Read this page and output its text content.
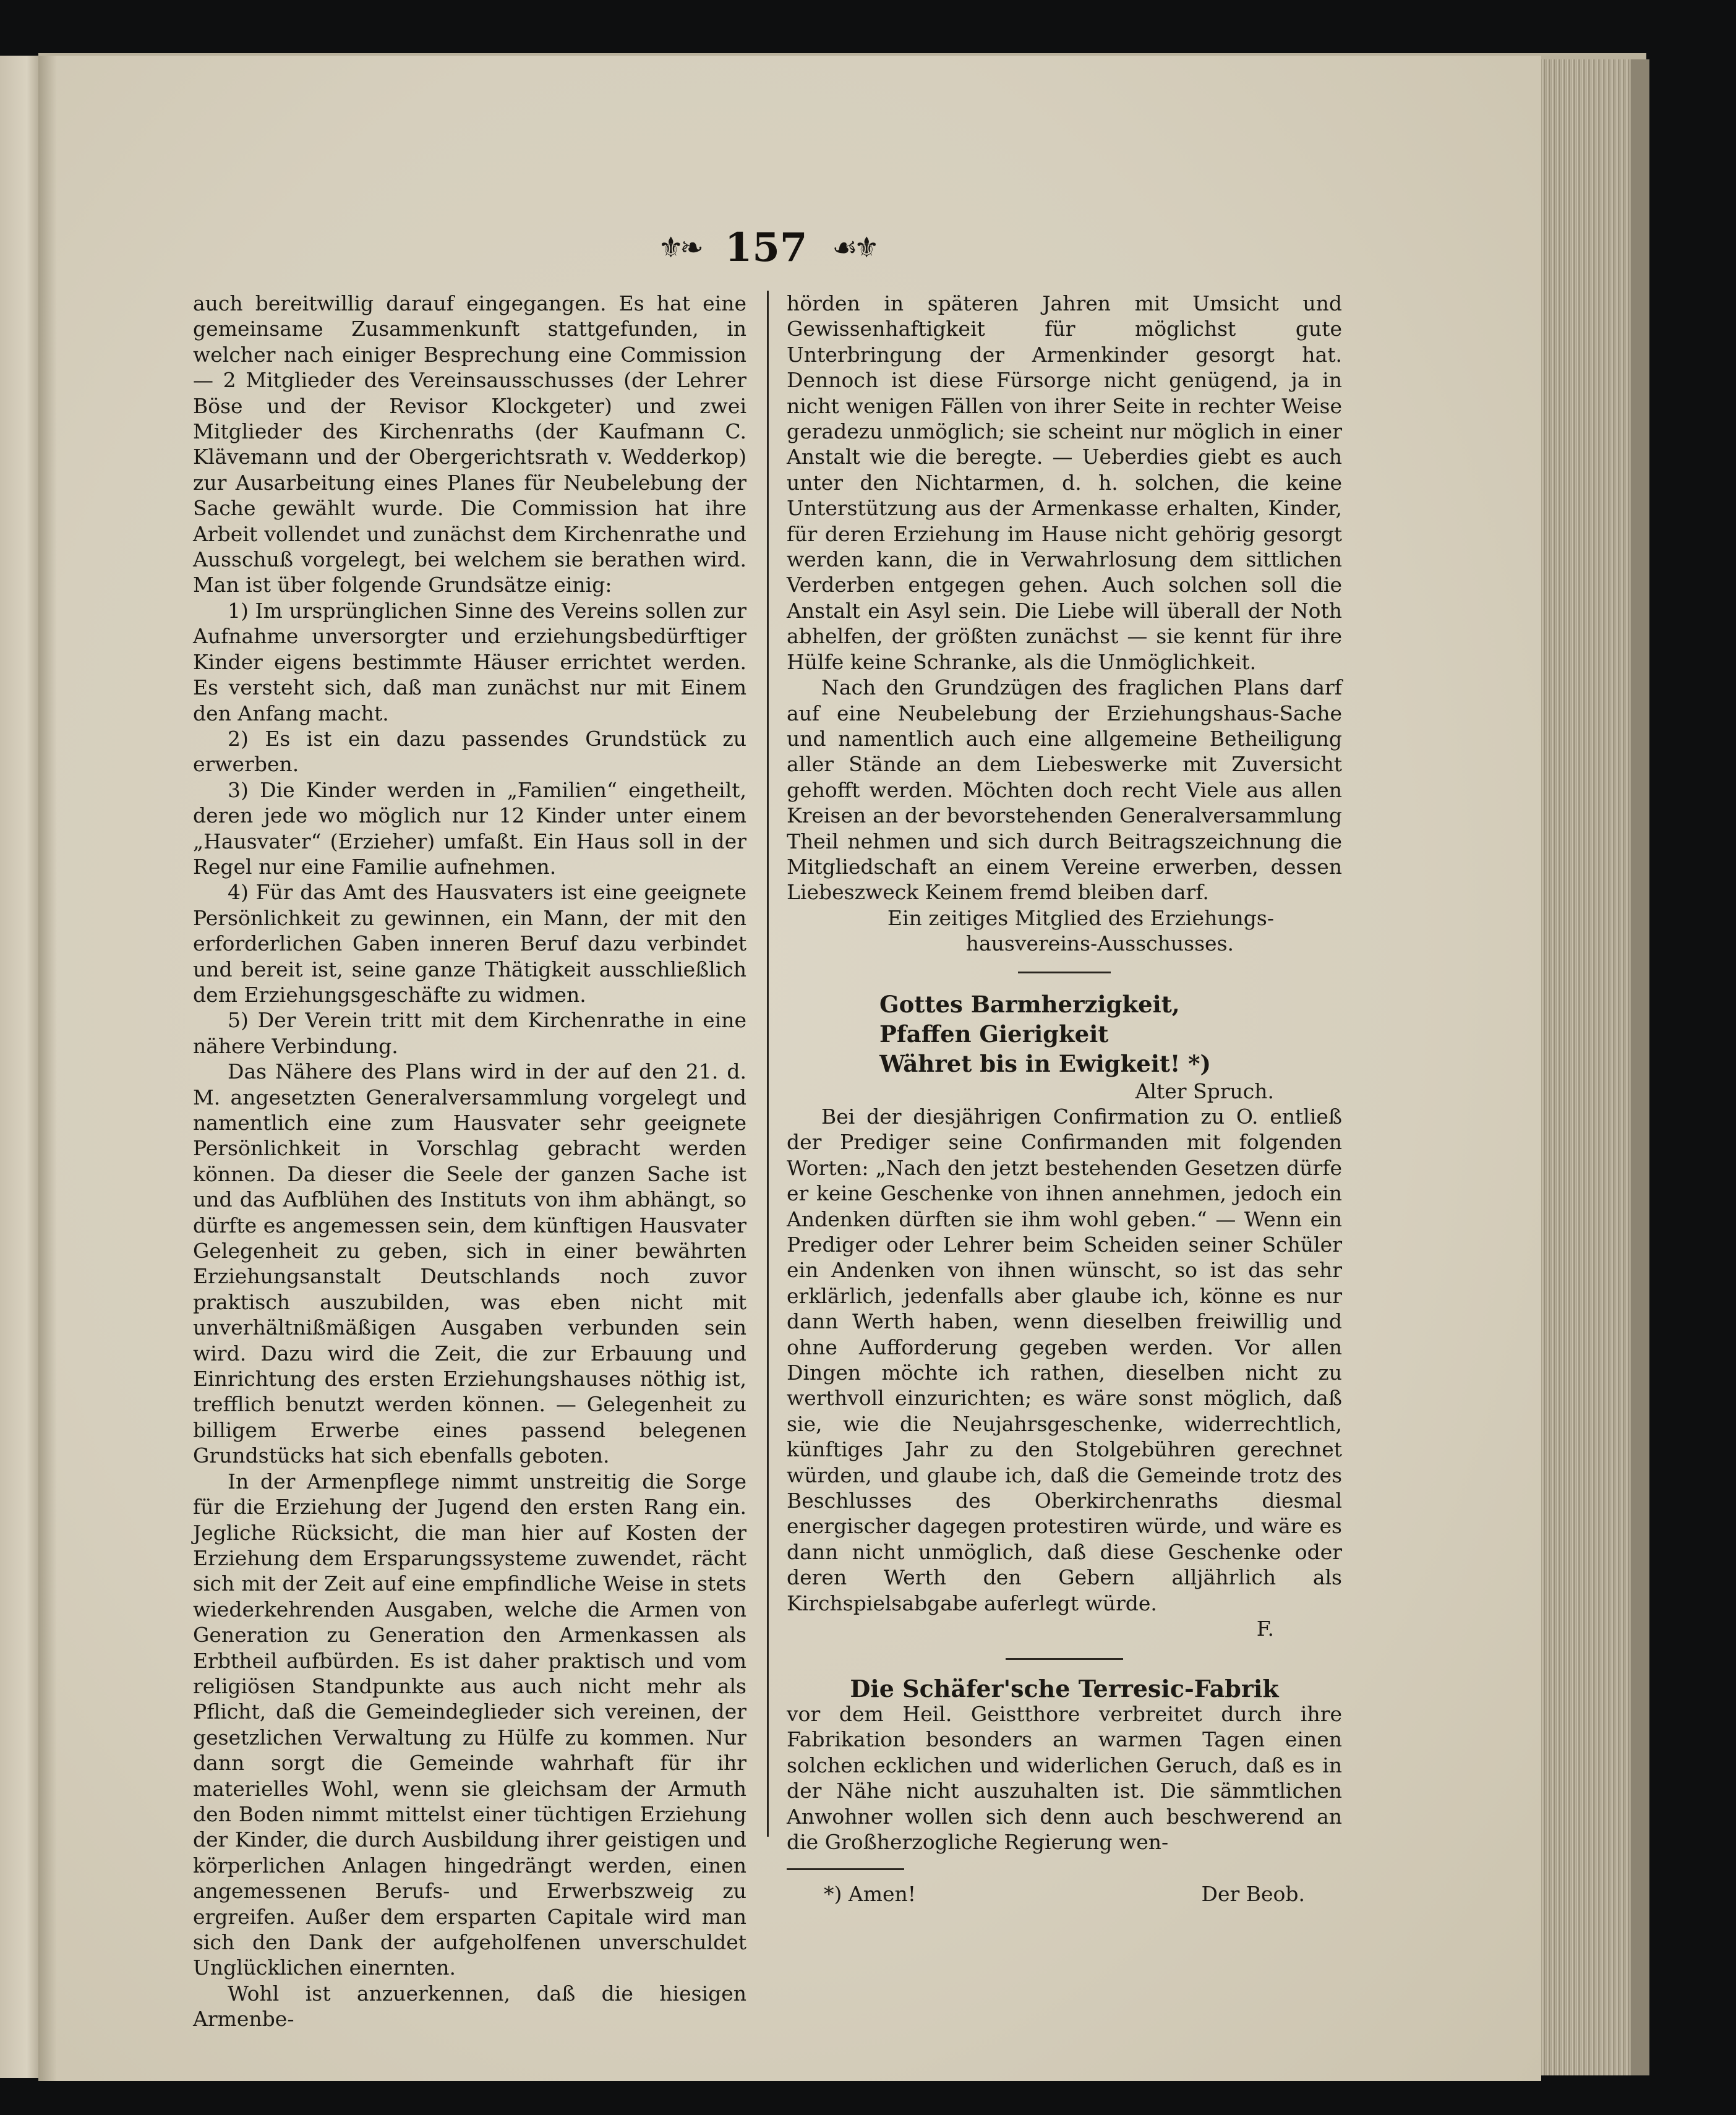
⚜❧ 157 ☙⚜

auch bereitwillig darauf eingegangen. Es hat eine gemeinsame Zusammenkunft stattgefunden, in welcher nach einiger Besprechung eine Commission — 2 Mitglieder des Vereinsausschusses (der Lehrer Böse und der Revisor Klockgeter) und zwei Mitglieder des Kirchenraths (der Kaufmann C. Klävemann und der Obergerichtsrath v. Wedderkop) zur Ausarbeitung eines Planes für Neubelebung der Sache gewählt wurde. Die Commission hat ihre Arbeit vollendet und zunächst dem Kirchenrathe und Ausschuß vorgelegt, bei welchem sie berathen wird. Man ist über folgende Grundsätze einig:

1) Im ursprünglichen Sinne des Vereins sollen zur Aufnahme unversorgter und erziehungsbedürftiger Kinder eigens bestimmte Häuser errichtet werden. Es versteht sich, daß man zunächst nur mit Einem den Anfang macht.

2) Es ist ein dazu passendes Grundstück zu erwerben.

3) Die Kinder werden in „Familien“ eingetheilt, deren jede wo möglich nur 12 Kinder unter einem „Hausvater“ (Erzieher) umfaßt. Ein Haus soll in der Regel nur eine Familie aufnehmen.

4) Für das Amt des Hausvaters ist eine geeignete Persönlichkeit zu gewinnen, ein Mann, der mit den erforderlichen Gaben inneren Beruf dazu verbindet und bereit ist, seine ganze Thätigkeit ausschließlich dem Erziehungsgeschäfte zu widmen.

5) Der Verein tritt mit dem Kirchenrathe in eine nähere Verbindung.

Das Nähere des Plans wird in der auf den 21. d. M. angesetzten Generalversammlung vorgelegt und namentlich eine zum Hausvater sehr geeignete Persönlichkeit in Vorschlag gebracht werden können. Da dieser die Seele der ganzen Sache ist und das Aufblühen des Instituts von ihm abhängt, so dürfte es angemessen sein, dem künftigen Hausvater Gelegenheit zu geben, sich in einer bewährten Erziehungsanstalt Deutschlands noch zuvor praktisch auszubilden, was eben nicht mit unverhältnißmäßigen Ausgaben verbunden sein wird. Dazu wird die Zeit, die zur Erbauung und Einrichtung des ersten Erziehungshauses nöthig ist, trefflich benutzt werden können. — Gelegenheit zu billigem Erwerbe eines passend belegenen Grundstücks hat sich ebenfalls geboten.

In der Armenpflege nimmt unstreitig die Sorge für die Erziehung der Jugend den ersten Rang ein. Jegliche Rücksicht, die man hier auf Kosten der Erziehung dem Ersparungssysteme zuwendet, rächt sich mit der Zeit auf eine empfindliche Weise in stets wiederkehrenden Ausgaben, welche die Armen von Generation zu Generation den Armenkassen als Erbtheil aufbürden. Es ist daher praktisch und vom religiösen Standpunkte aus auch nicht mehr als Pflicht, daß die Gemeindeglieder sich vereinen, der gesetzlichen Verwaltung zu Hülfe zu kommen. Nur dann sorgt die Gemeinde wahrhaft für ihr materielles Wohl, wenn sie gleichsam der Armuth den Boden nimmt mittelst einer tüchtigen Erziehung der Kinder, die durch Ausbildung ihrer geistigen und körperlichen Anlagen hingedrängt werden, einen angemessenen Berufs- und Erwerbszweig zu ergreifen. Außer dem ersparten Capitale wird man sich den Dank der aufgeholfenen unverschuldet Unglücklichen einernten.

Wohl ist anzuerkennen, daß die hiesigen Armenbe-

hörden in späteren Jahren mit Umsicht und Gewissenhaftigkeit für möglichst gute Unterbringung der Armenkinder gesorgt hat. Dennoch ist diese Fürsorge nicht genügend, ja in nicht wenigen Fällen von ihrer Seite in rechter Weise geradezu unmöglich; sie scheint nur möglich in einer Anstalt wie die beregte. — Ueberdies giebt es auch unter den Nichtarmen, d. h. solchen, die keine Unterstützung aus der Armenkasse erhalten, Kinder, für deren Erziehung im Hause nicht gehörig gesorgt werden kann, die in Verwahrlosung dem sittlichen Verderben entgegen gehen. Auch solchen soll die Anstalt ein Asyl sein. Die Liebe will überall der Noth abhelfen, der größten zunächst — sie kennt für ihre Hülfe keine Schranke, als die Unmöglichkeit.

Nach den Grundzügen des fraglichen Plans darf auf eine Neubelebung der Erziehungshaus-Sache und namentlich auch eine allgemeine Betheiligung aller Stände an dem Liebeswerke mit Zuversicht gehofft werden. Möchten doch recht Viele aus allen Kreisen an der bevorstehenden Generalversammlung Theil nehmen und sich durch Beitragszeichnung die Mitgliedschaft an einem Vereine erwerben, dessen Liebeszweck Keinem fremd bleiben darf.

Ein zeitiges Mitglied des Erziehungs-

hausvereins-Ausschusses.

Gottes Barmherzigkeit,

Pfaffen Gierigkeit

Währet bis in Ewigkeit! *)

Alter Spruch.

Bei der diesjährigen Confirmation zu O. entließ der Prediger seine Confirmanden mit folgenden Worten: „Nach den jetzt bestehenden Gesetzen dürfe er keine Geschenke von ihnen annehmen, jedoch ein Andenken dürften sie ihm wohl geben.“ — Wenn ein Prediger oder Lehrer beim Scheiden seiner Schüler ein Andenken von ihnen wünscht, so ist das sehr erklärlich, jedenfalls aber glaube ich, könne es nur dann Werth haben, wenn dieselben freiwillig und ohne Aufforderung gegeben werden. Vor allen Dingen möchte ich rathen, dieselben nicht zu werthvoll einzurichten; es wäre sonst möglich, daß sie, wie die Neujahrsgeschenke, widerrechtlich, künftiges Jahr zu den Stolgebühren gerechnet würden, und glaube ich, daß die Gemeinde trotz des Beschlusses des Oberkirchenraths diesmal energischer dagegen protestiren würde, und wäre es dann nicht unmöglich, daß diese Geschenke oder deren Werth den Gebern alljährlich als Kirchspielsabgabe auferlegt würde.

F.

Die Schäfer'sche Terresic-Fabrik

vor dem Heil. Geistthore verbreitet durch ihre Fabrikation besonders an warmen Tagen einen solchen ecklichen und widerlichen Geruch, daß es in der Nähe nicht auszuhalten ist. Die sämmtlichen Anwohner wollen sich denn auch beschwerend an die Großherzogliche Regierung wen-

*) Amen!	Der Beob.
